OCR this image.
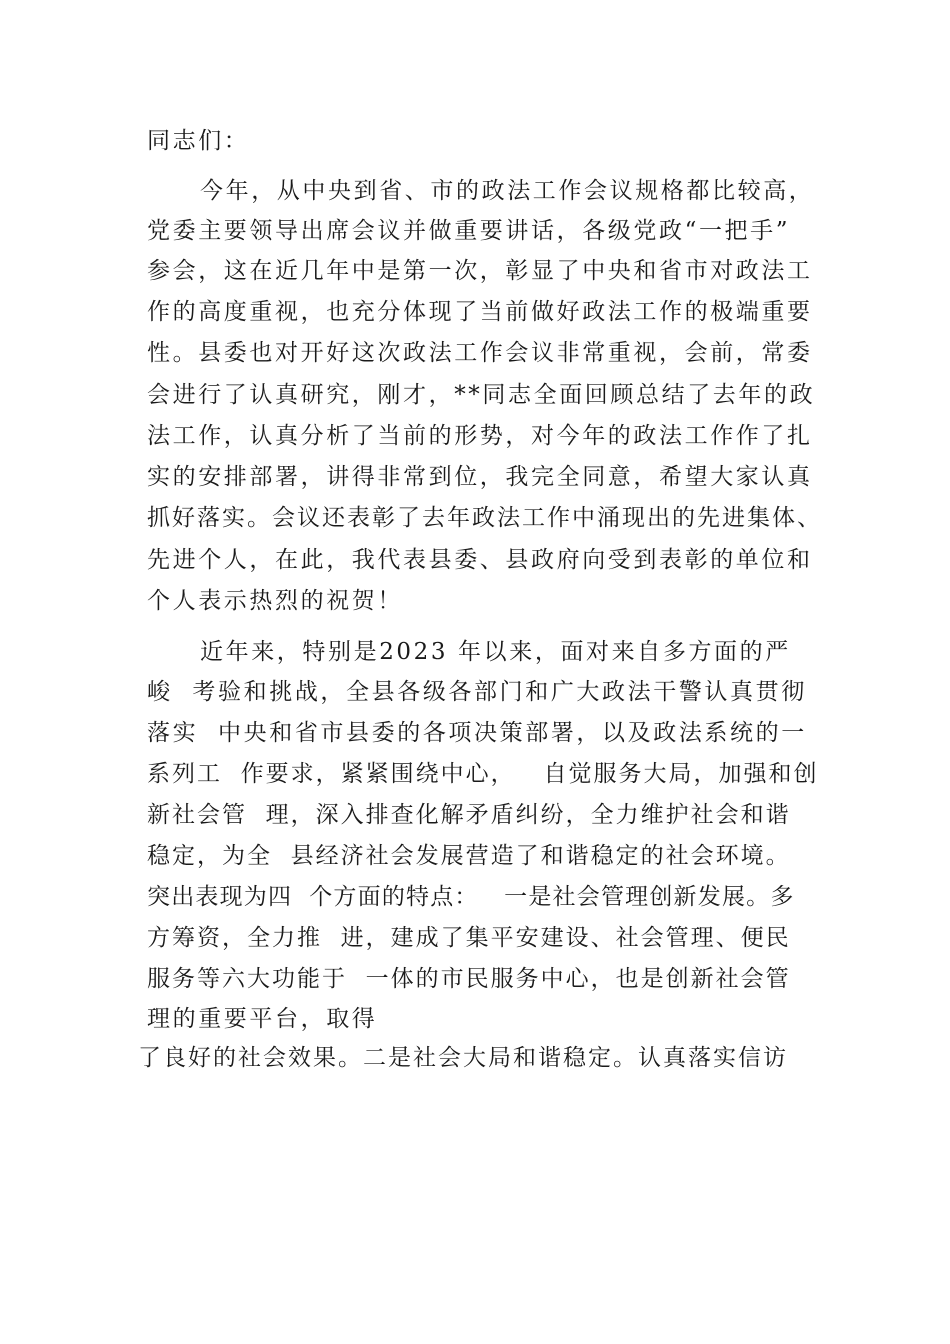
同志们：
今年，从中央到省、市的政法工作会议规格都比较高，
党委主要领导出席会议并做重要讲话，各级党政“一把手”
参会，这在近几年中是第一次，彰显了中央和省市对政法工
作的高度重视，也充分体现了当前做好政法工作的极端重要
性。县委也对开好这次政法工作会议非常重视，会前，常委
会进行了认真研究，刚才，**同志全面回顾总结了去年的政
法工作，认真分析了当前的形势，对今年的政法工作作了扎
实的安排部署，讲得非常到位，我完全同意，希望大家认真
抓好落实。会议还表彰了去年政法工作中涌现出的先进集体、
先进个人，在此，我代表县委、县政府向受到表彰的单位和
个人表示热烈的祝贺！
近年来，特别是2023 年以来，面对来自多方面的严
峻  考验和挑战，全县各级各部门和广大政法干警认真贯彻
落实  中央和省市县委的各项决策部署，以及政法系统的一
系列工  作要求，紧紧围绕中心，   自觉服务大局，加强和创
新社会管  理，深入排查化解矛盾纠纷，全力维护社会和谐
稳定，为全  县经济社会发展营造了和谐稳定的社会环境。
突出表现为四  个方面的特点：   一是社会管理创新发展。多
方筹资，全力推  进，建成了集平安建设、社会管理、便民
服务等六大功能于  一体的市民服务中心，也是创新社会管
理的重要平台，取得
了良好的社会效果。二是社会大局和谐稳定。认真落实信访
